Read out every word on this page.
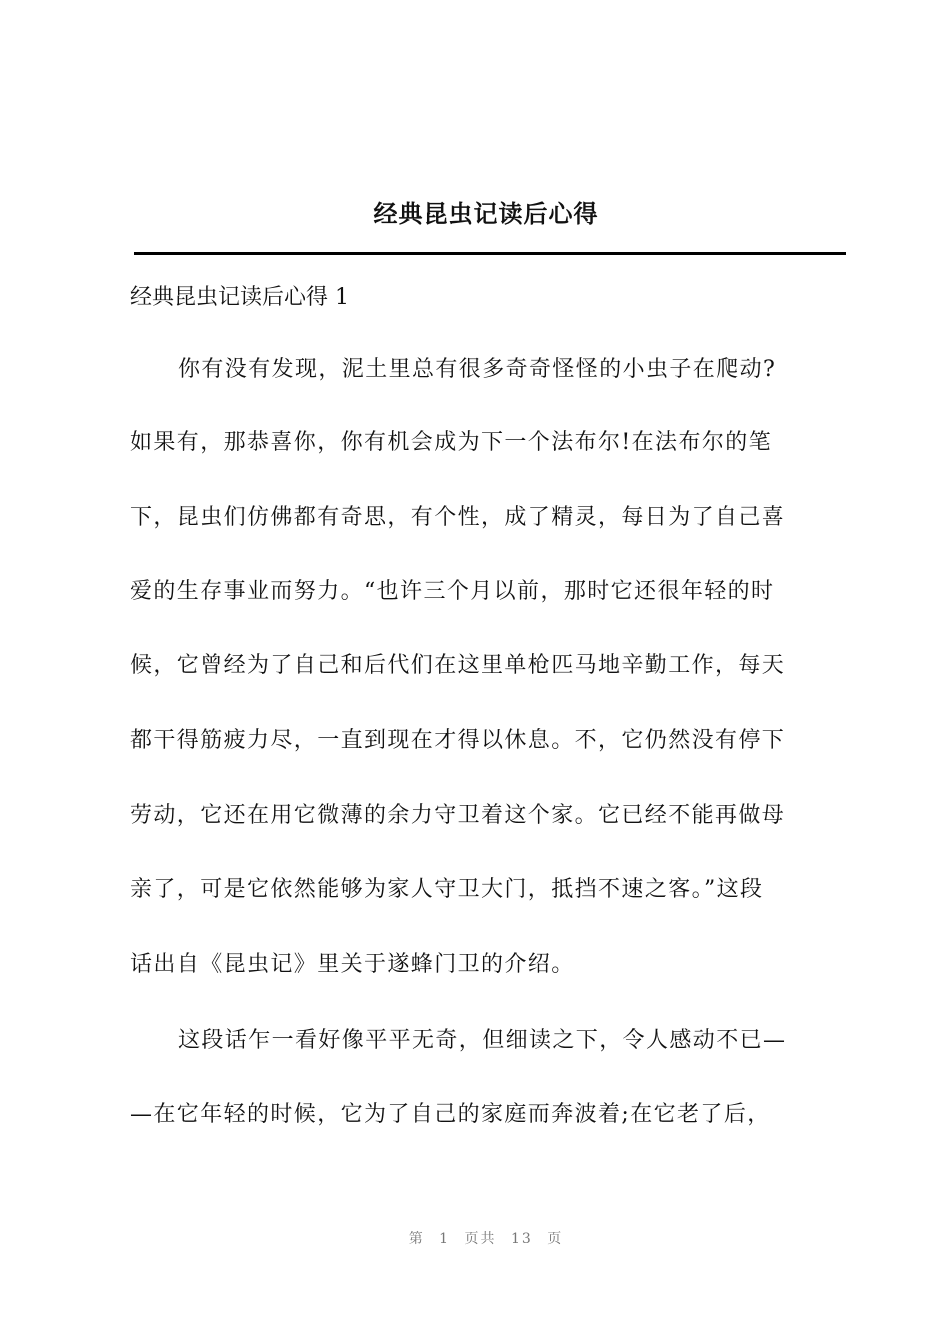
经典昆虫记读后心得
经典昆虫记读后心得 1
你有没有发现，泥土里总有很多奇奇怪怪的小虫子在爬动?
如果有，那恭喜你，你有机会成为下一个法布尔!在法布尔的笔
下，昆虫们仿佛都有奇思，有个性，成了精灵，每日为了自己喜
爱的生存事业而努力。“也许三个月以前，那时它还很年轻的时
候，它曾经为了自己和后代们在这里单枪匹马地辛勤工作，每天
都干得筋疲力尽，一直到现在才得以休息。不，它仍然没有停下
劳动，它还在用它微薄的余力守卫着这个家。它已经不能再做母
亲了，可是它依然能够为家人守卫大门，抵挡不速之客。”这段
话出自《昆虫记》里关于遂蜂门卫的介绍。
这段话乍一看好像平平无奇，但细读之下，令人感动不已—
—在它年轻的时候，它为了自己的家庭而奔波着;在它老了后，
第 1 页共 13 页
